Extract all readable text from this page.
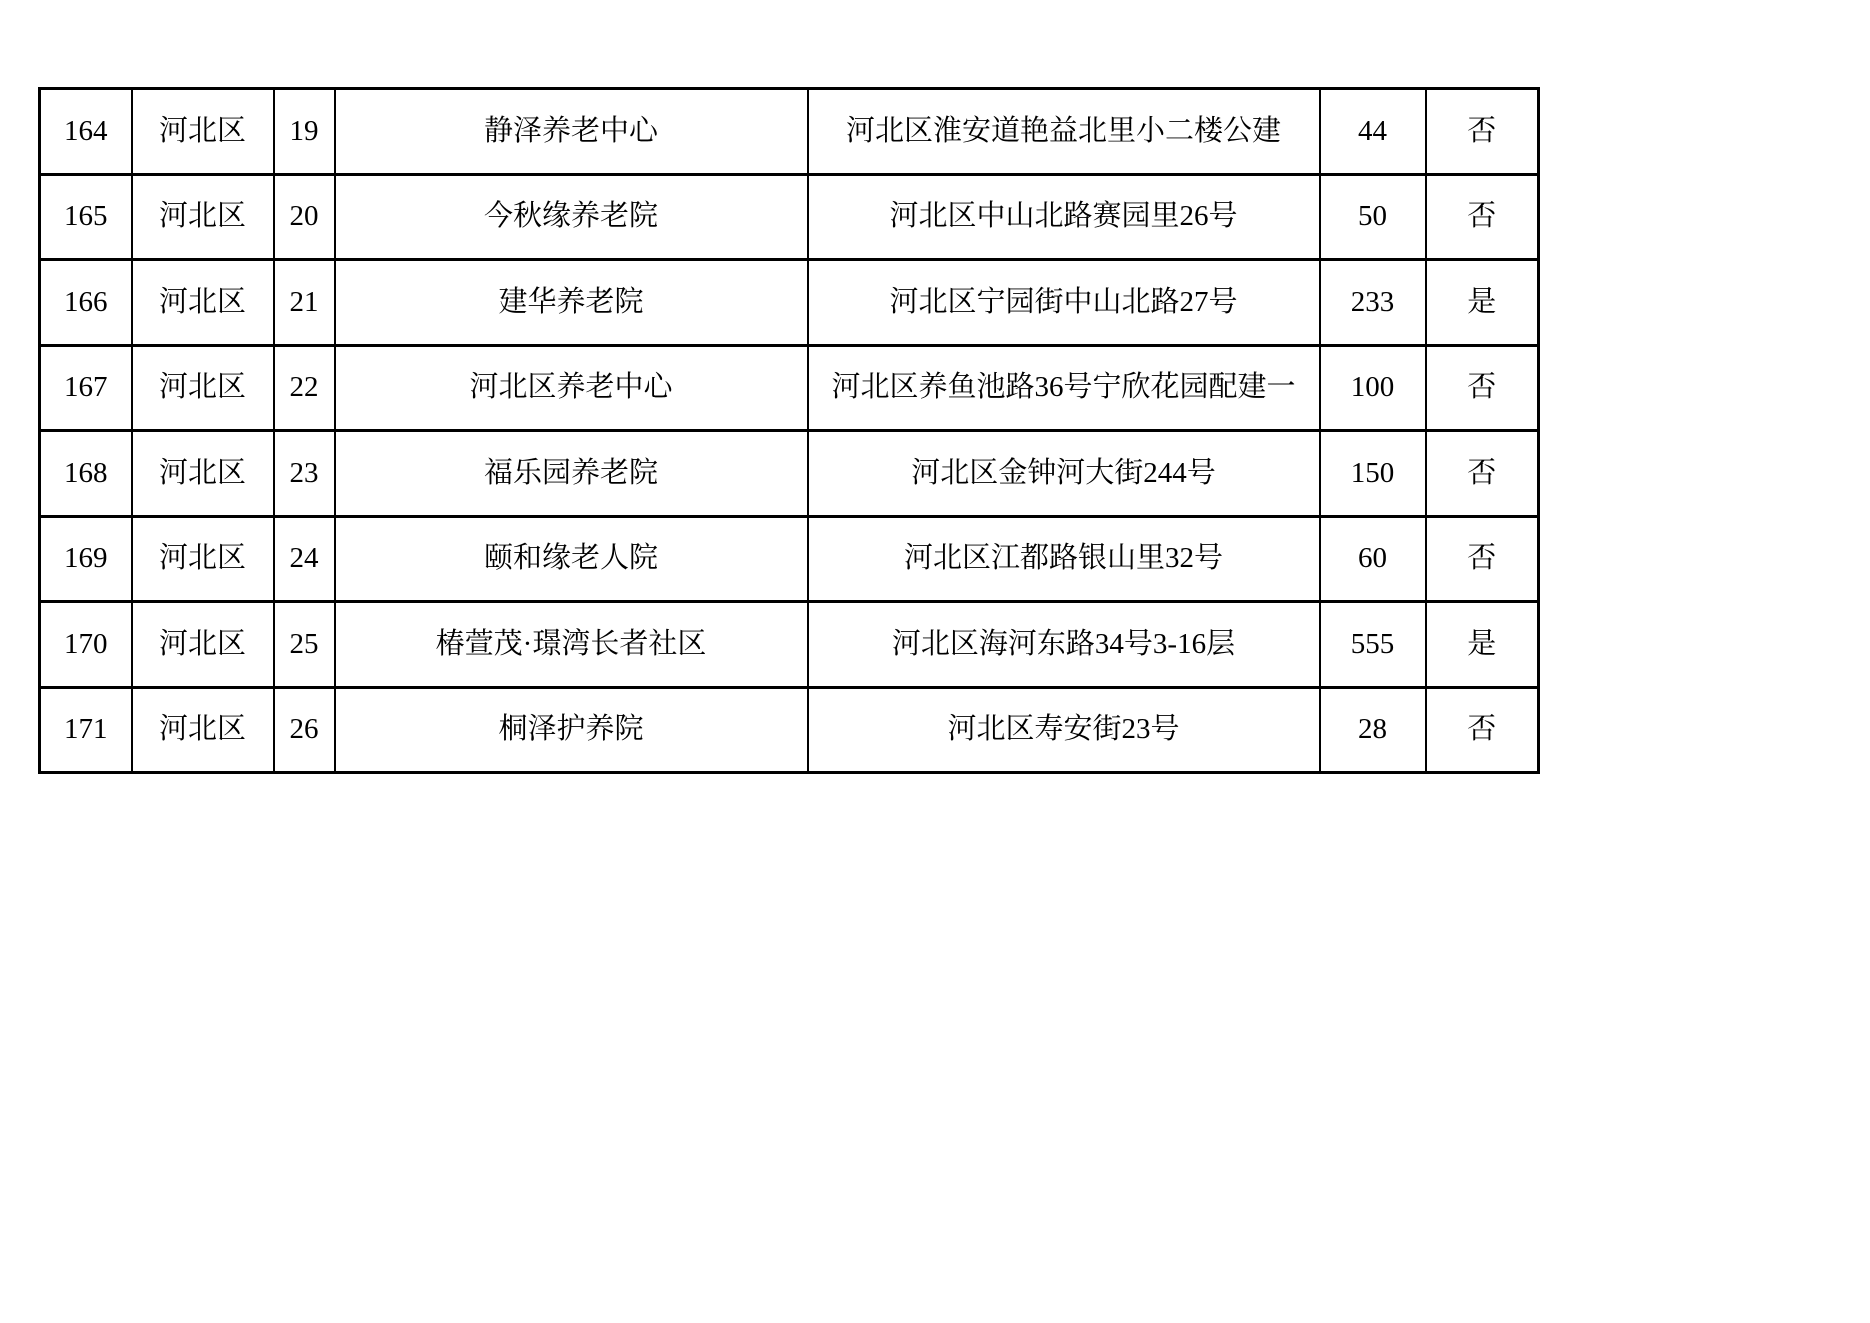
164	河北区	19	静泽养老中心	河北区淮安道艳益北里小二楼公建	44	否
165	河北区	20	今秋缘养老院	河北区中山北路赛园里26号	50	否
166	河北区	21	建华养老院	河北区宁园街中山北路27号	233	是
167	河北区	22	河北区养老中心	河北区养鱼池路36号宁欣花园配建一	100	否
168	河北区	23	福乐园养老院	河北区金钟河大街244号	150	否
169	河北区	24	颐和缘老人院	河北区江都路银山里32号	60	否
170	河北区	25	椿萱茂·璟湾长者社区	河北区海河东路34号3-16层	555	是
171	河北区	26	桐泽护养院	河北区寿安街23号	28	否
